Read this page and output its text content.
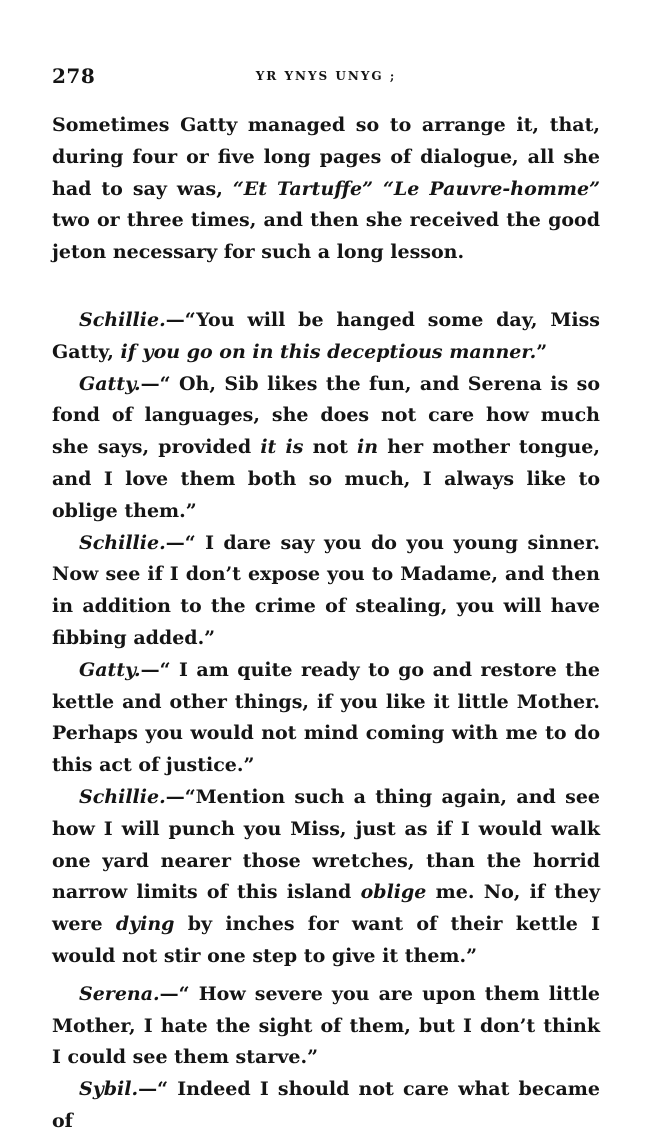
278	YR YNYS UNYG ;

Sometimes Gatty managed so to arrange it, that, during four or five long pages of dialogue, all she had to say was, “Et Tartuffe” “Le Pauvre-homme” two or three times, and then she received the good jeton necessary for such a long lesson.

Schillie.—“You will be hanged some day, Miss Gatty, if you go on in this deceptious manner.”

Gatty.—“ Oh, Sib likes the fun, and Serena is so fond of languages, she does not care how much she says, provided it is not in her mother tongue, and I love them both so much, I always like to oblige them.”

Schillie.—“ I dare say you do you young sinner. Now see if I don’t expose you to Madame, and then in addition to the crime of stealing, you will have fibbing added.”

Gatty.—“ I am quite ready to go and restore the kettle and other things, if you like it little Mother. Perhaps you would not mind coming with me to do this act of justice.”

Schillie.—“Mention such a thing again, and see how I will punch you Miss, just as if I would walk one yard nearer those wretches, than the horrid narrow limits of this island oblige me. No, if they were dying by inches for want of their kettle I would not stir one step to give it them.”

Serena.—“ How severe you are upon them little Mother, I hate the sight of them, but I don’t think I could see them starve.”

Sybil.—“ Indeed I should not care what became of
